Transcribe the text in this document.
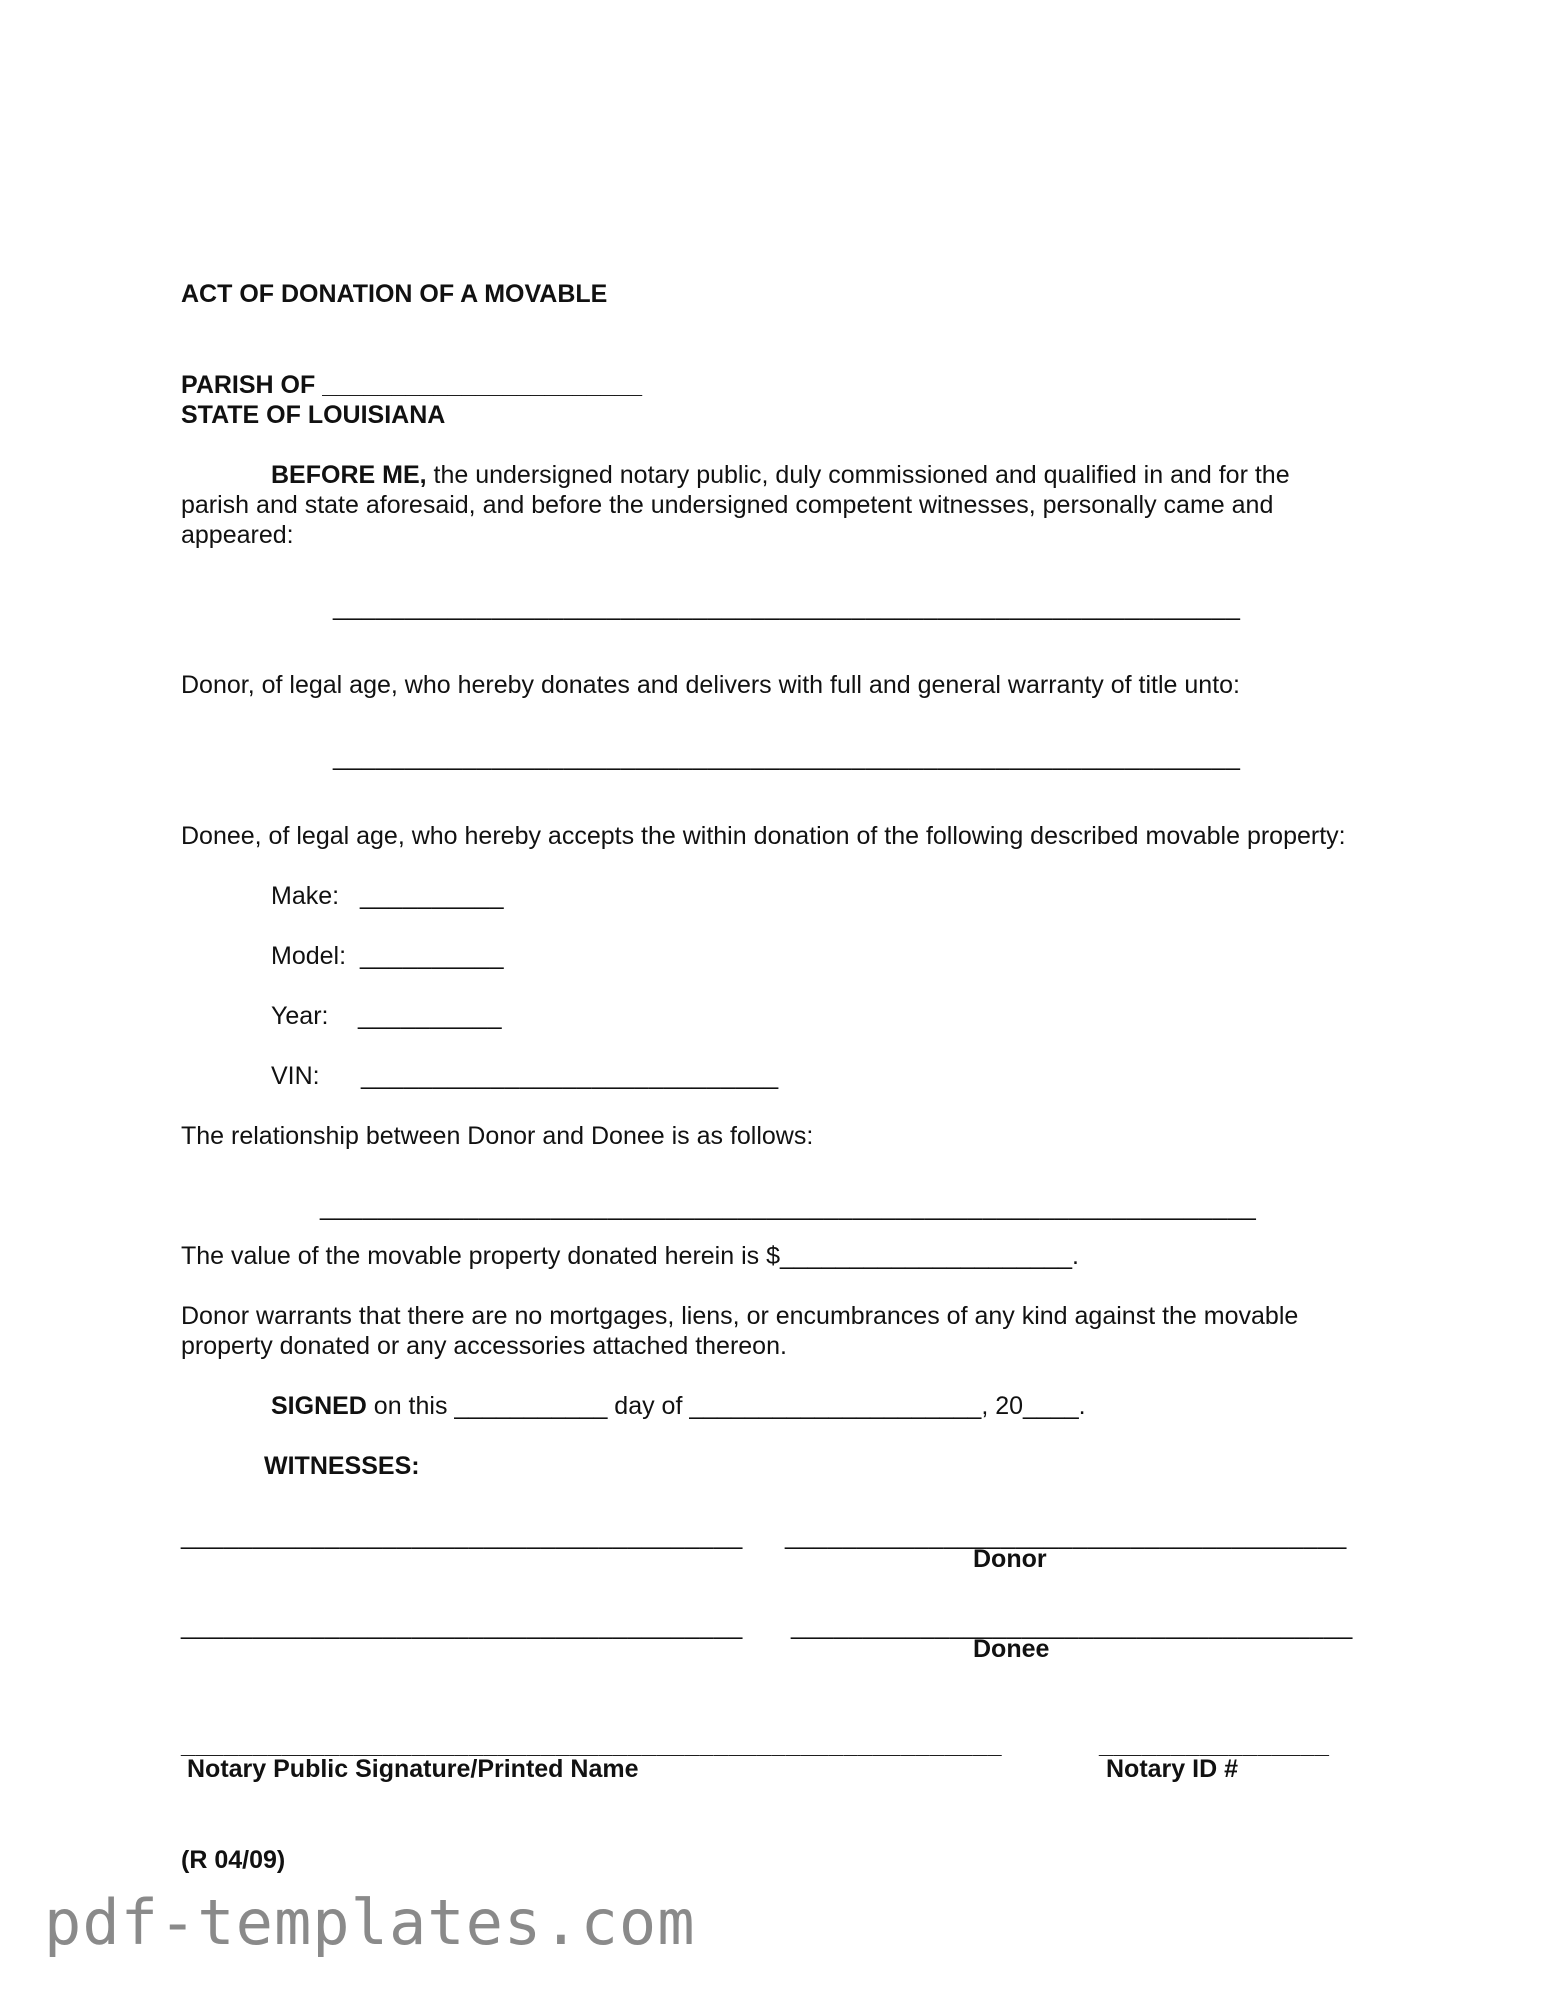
ACT OF DONATION OF A MOVABLE
PARISH OF _______________________
STATE OF LOUISIANA
BEFORE ME, the undersigned notary public, duly commissioned and qualified in and for the
parish and state aforesaid, and before the undersigned competent witnesses, personally came and
appeared:
_______________________________________________________________
Donor, of legal age, who hereby donates and delivers with full and general warranty of title unto:
_______________________________________________________________
Donee, of legal age, who hereby accepts the within donation of the following described movable property:
Make: __________
Model: __________
Year: __________
VIN: _____________________________
The relationship between Donor and Donee is as follows:
_________________________________________________________________
The value of the movable property donated herein is $_____________________.
Donor warrants that there are no mortgages, liens, or encumbrances of any kind against the movable
property donated or any accessories attached thereon.
SIGNED on this ___________ day of _____________________, 20____.
WITNESSES:
_______________________________________ _______________________________________
Donor
_______________________________________ _______________________________________
Donee
_________________________________________________________
Notary Public Signature/Printed Name
________________
Notary ID #
(R 04/09)
pdf-templates.com
